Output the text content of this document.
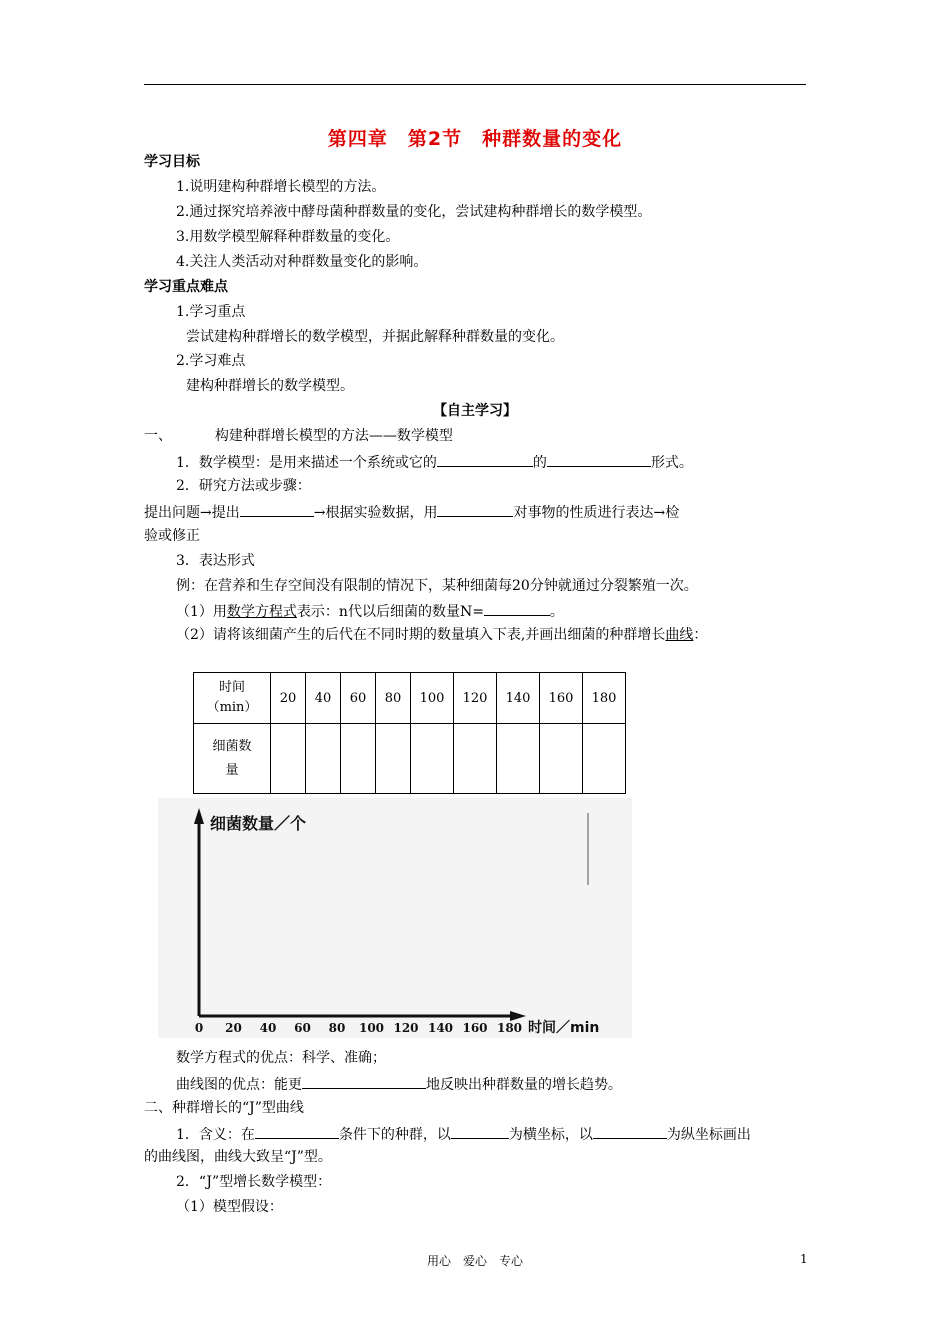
第四章　第2节　种群数量的变化
学习目标
1.说明建构种群增长模型的方法。
2.通过探究培养液中酵母菌种群数量的变化，尝试建构种群增长的数学模型。
3.用数学模型解释种群数量的变化。
4.关注人类活动对种群数量变化的影响。
学习重点难点
1.学习重点
尝试建构种群增长的数学模型，并据此解释种群数量的变化。
2.学习难点
建构种群增长的数学模型。
【自主学习】
一、	构建种群增长模型的方法——数学模型
1．数学模型：是用来描述一个系统或它的	的	形式。
2．研究方法或步骤：
提出问题→提出	→根据实验数据，用	对事物的性质进行表达→检
验或修正
3．表达形式
例：在营养和生存空间没有限制的情况下，某种细菌每20分钟就通过分裂繁殖一次。
（1）用数学方程式表示：n代以后细菌的数量N=	。
（2）请将该细菌产生的后代在不同时期的数量填入下表,并画出细菌的种群增长曲线：
时间
（min）	20	40	60	80	100	120	140	160	180
细菌数
量									
细菌数量／个
时间／min
0 20 40 60 80 100 120 140 160 180
数学方程式的优点：科学、准确；
曲线图的优点：能更	地反映出种群数量的增长趋势。
二、种群增长的“J”型曲线
1．含义：在	条件下的种群，以	为横坐标，以	为纵坐标画出
的曲线图，曲线大致呈“J”型。
2．“J”型增长数学模型：
（1）模型假设：
用心　爱心　专心	1
